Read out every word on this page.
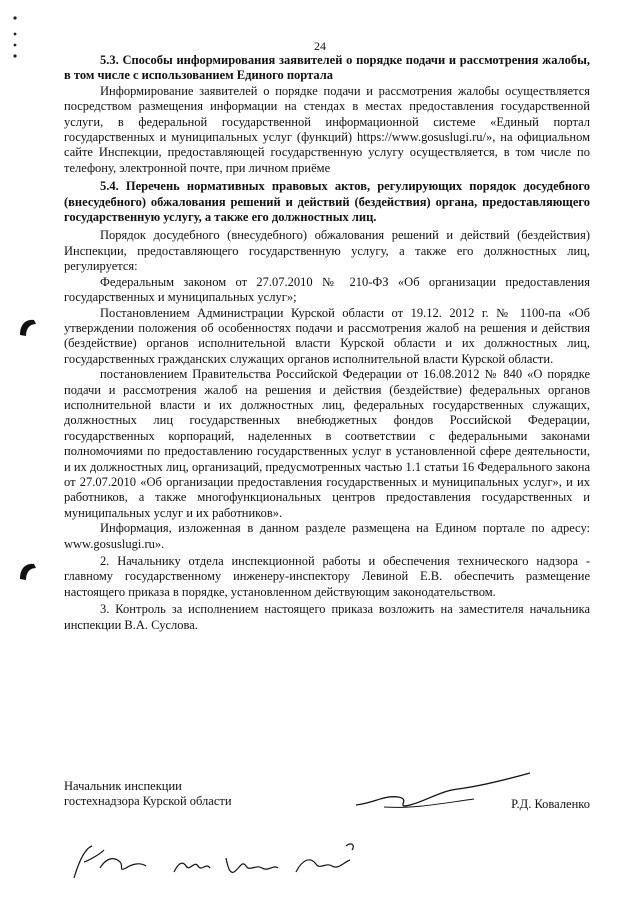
24

5.3. Способы информирования заявителей о порядке подачи и рассмотрения жалобы, в том числе с использованием Единого портала

Информирование заявителей о порядке подачи и рассмотрения жалобы осуществляется посредством размещения информации на стендах в местах предоставления государственной услуги, в федеральной государственной информационной системе «Единый портал государственных и муниципальных услуг (функций) https://www.gosuslugi.ru/», на официальном сайте Инспекции, предоставляющей государственную услугу осуществляется, в том числе по телефону, электронной почте, при личном приёме

5.4. Перечень нормативных правовых актов, регулирующих порядок досудебного (внесудебного) обжалования решений и действий (бездействия) органа, предоставляющего государственную услугу, а также его должностных лиц.

Порядок досудебного (внесудебного) обжалования решений и действий (бездействия) Инспекции, предоставляющего государственную услугу, а также его должностных лиц, регулируется:

Федеральным законом от 27.07.2010 № 210-ФЗ «Об организации предоставления государственных и муниципальных услуг»;

Постановлением Администрации Курской области от 19.12. 2012 г. № 1100-па «Об утверждении положения об особенностях подачи и рассмотрения жалоб на решения и действия (бездействие) органов исполнительной власти Курской области и их должностных лиц, государственных гражданских служащих органов исполнительной власти Курской области.

постановлением Правительства Российской Федерации от 16.08.2012 № 840 «О порядке подачи и рассмотрения жалоб на решения и действия (бездействие) федеральных органов исполнительной власти и их должностных лиц, федеральных государственных служащих, должностных лиц государственных внебюджетных фондов Российской Федерации, государственных корпораций, наделенных в соответствии с федеральными законами полномочиями по предоставлению государственных услуг в установленной сфере деятельности, и их должностных лиц, организаций, предусмотренных частью 1.1 статьи 16 Федерального закона от 27.07.2010 «Об организации предоставления государственных и муниципальных услуг», и их работников, а также многофункциональных центров предоставления государственных и муниципальных услуг и их работников».

Информация, изложенная в данном разделе размещена на Едином портале по адресу: www.gosuslugi.ru».

2. Начальнику отдела инспекционной работы и обеспечения технического надзора - главному государственному инженеру-инспектору Левиной Е.В. обеспечить размещение настоящего приказа в порядке, установленном действующим законодательством.

3. Контроль за исполнением настоящего приказа возложить на заместителя начальника инспекции В.А. Суслова.

Начальник инспекции
гостехнадзора Курской области	Р.Д. Коваленко
